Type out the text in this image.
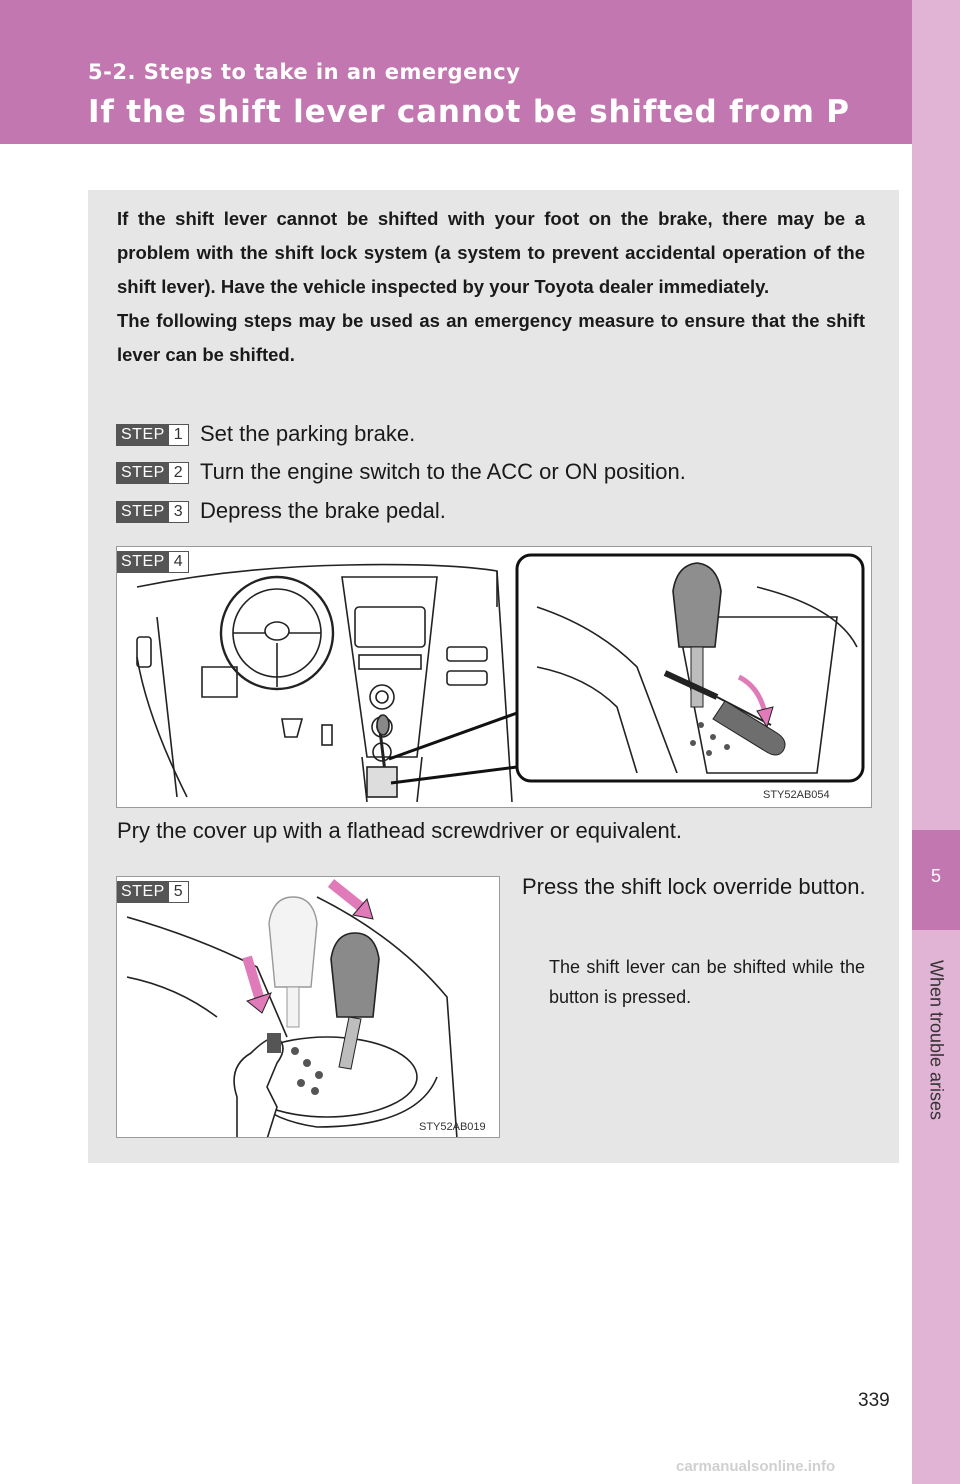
5-2. Steps to take in an emergency
If the shift lever cannot be shifted from P
5
When trouble arises

If the shift lever cannot be shifted with your foot on the brake, there may be a problem with the shift lock system (a system to prevent accidental operation of the shift lever). Have the vehicle inspected by your Toyota dealer immediately.

The following steps may be used as an emergency measure to ensure that the shift lever can be shifted.

STEP 1 Set the parking brake.
STEP 2 Turn the engine switch to the ACC or ON position.
STEP 3 Depress the brake pedal.
STEP 4
STY52AB054
Pry the cover up with a flathead screwdriver or equivalent.
STEP 5
STY52AB019
Press the shift lock override button.
The shift lever can be shifted while the button is pressed.
339
carmanualsonline.info
